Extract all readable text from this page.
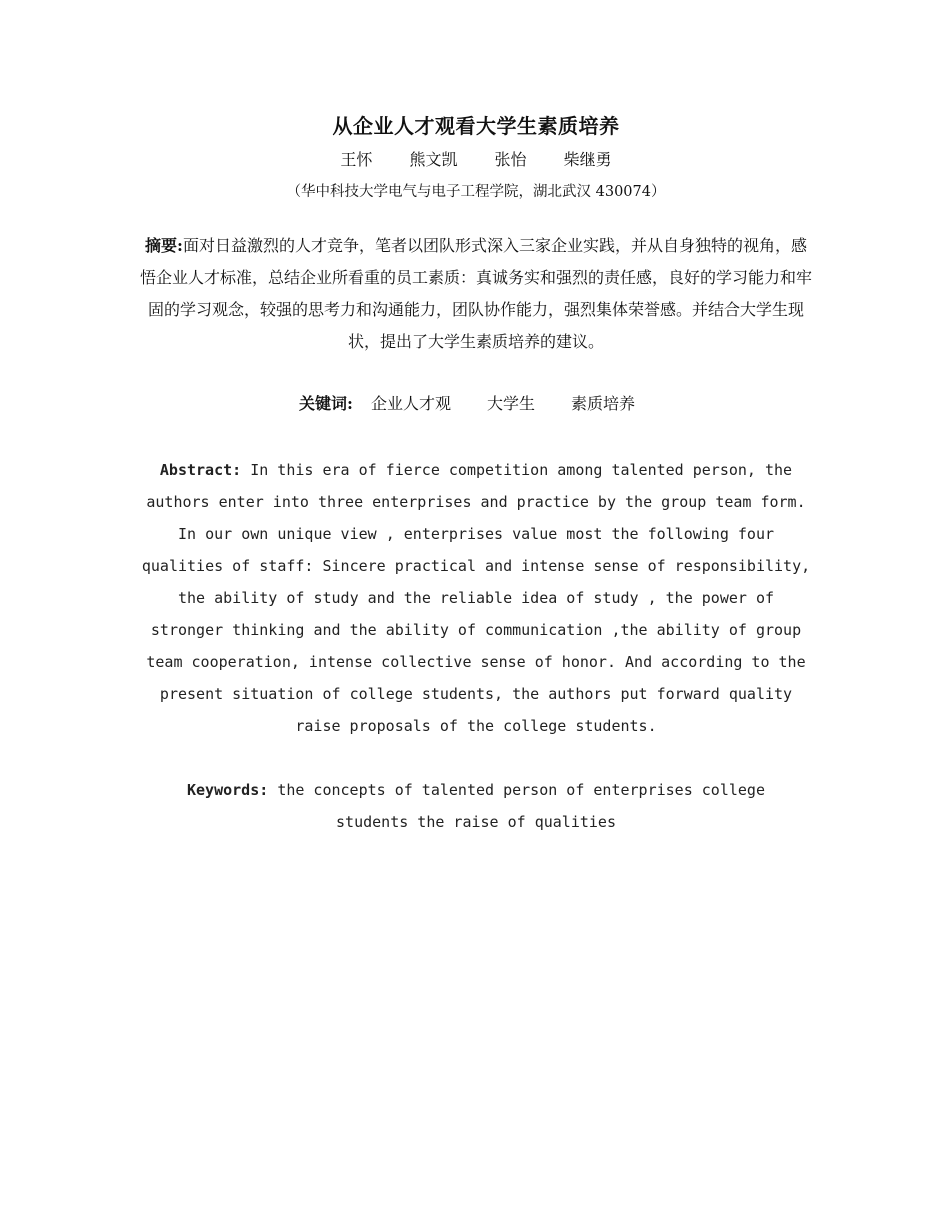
从企业人才观看大学生素质培养

王怀 熊文凯 张怡 柴继勇

（华中科技大学电气与电子工程学院，湖北武汉 430074）

摘要:面对日益激烈的人才竞争，笔者以团队形式深入三家企业实践，并从自身独特的视角，感悟企业人才标准，总结企业所看重的员工素质：真诚务实和强烈的责任感，良好的学习能力和牢固的学习观念，较强的思考力和沟通能力，团队协作能力，强烈集体荣誉感。并结合大学生现状，提出了大学生素质培养的建议。
关键词: 企业人才观 大学生 素质培养
Abstract: In this era of fierce competition among talented person, the authors enter into three enterprises and practice by the group team form. In our own unique view , enterprises value most the following four qualities of staff: Sincere practical and intense sense of responsibility, the ability of study and the reliable idea of study , the power of stronger thinking and the ability of communication ,the ability of group team cooperation, intense collective sense of honor. And according to the present situation of college students, the authors put forward quality raise proposals of the college students.
Keywords: the concepts of talented person of enterprises college students the raise of qualities
